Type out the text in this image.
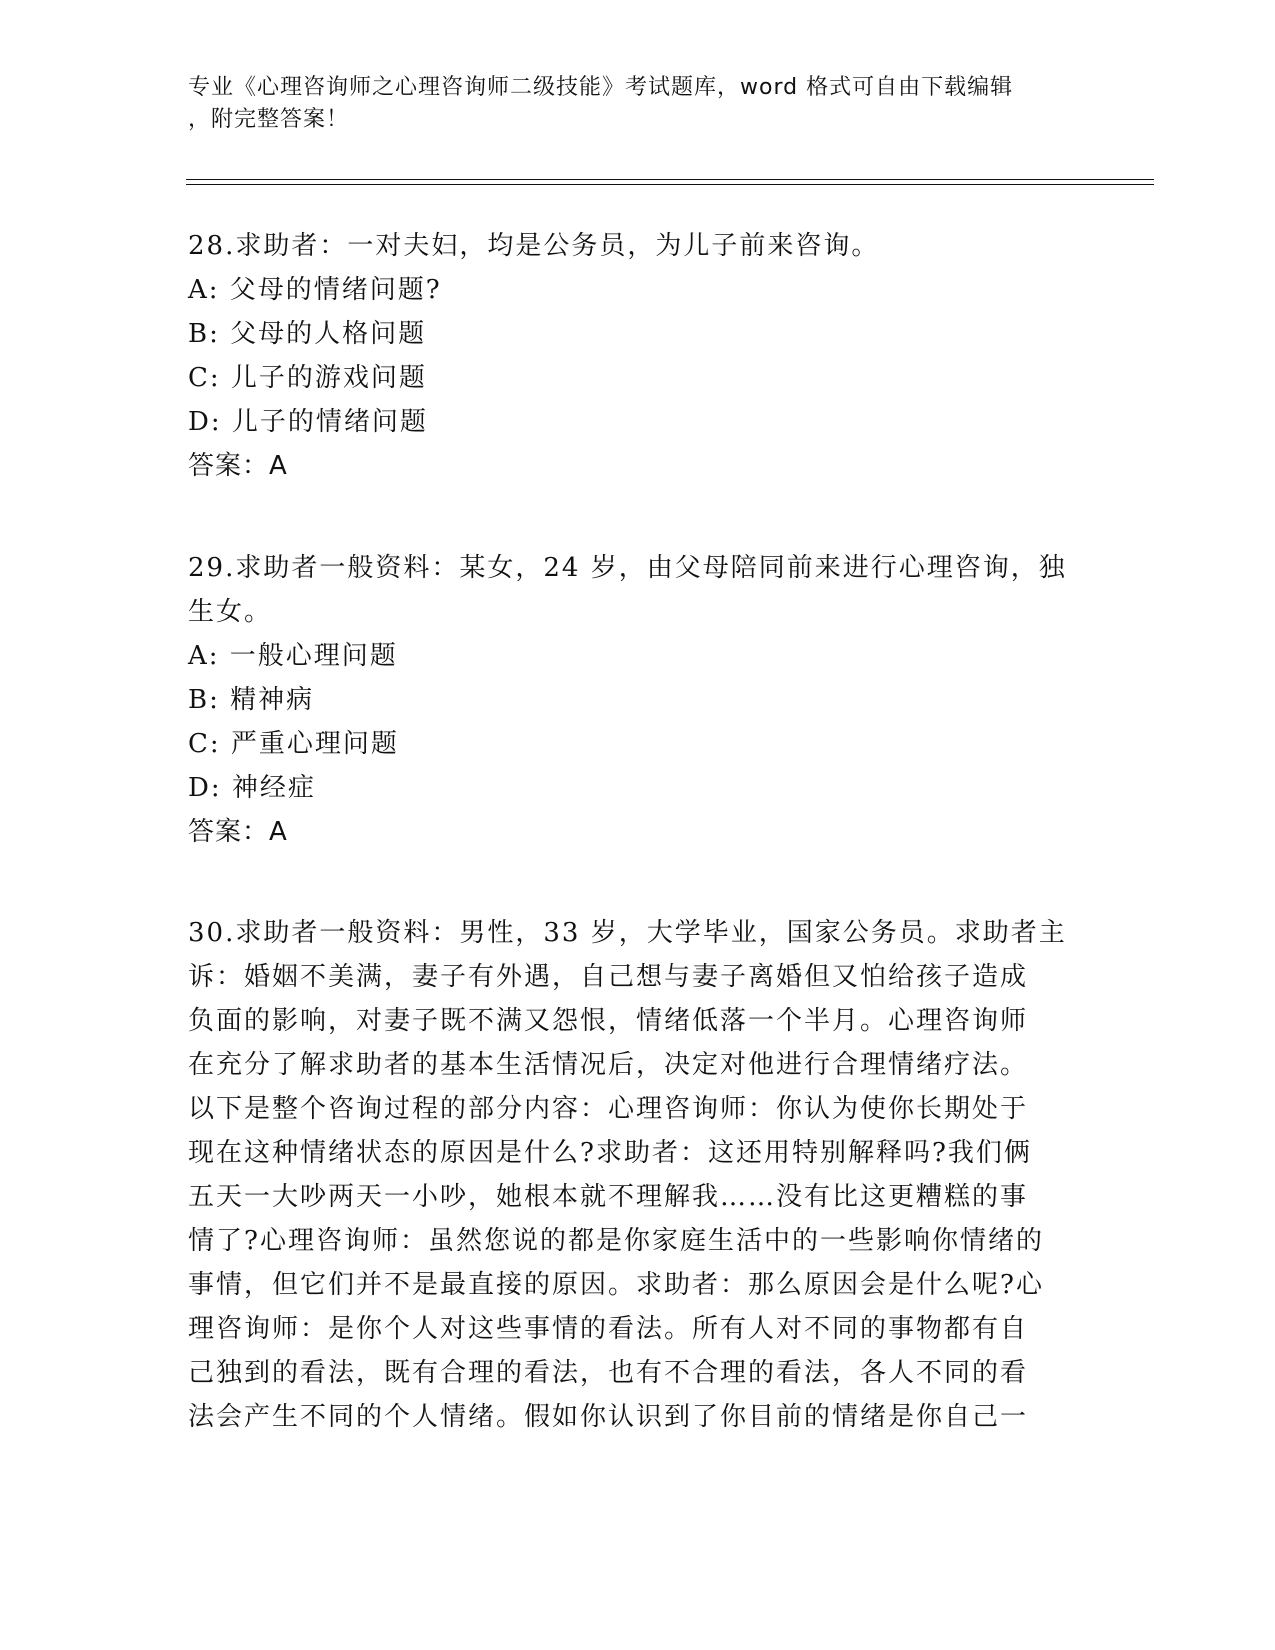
专业《心理咨询师之心理咨询师二级技能》考试题库，word 格式可自由下载编辑
，附完整答案！
28.求助者：一对夫妇，均是公务员，为儿子前来咨询。
A: 父母的情绪问题?
B: 父母的人格问题
C: 儿子的游戏问题
D: 儿子的情绪问题
答案：A
29.求助者一般资料：某女，24 岁，由父母陪同前来进行心理咨询，独
生女。
A: 一般心理问题
B: 精神病
C: 严重心理问题
D: 神经症
答案：A
30.求助者一般资料：男性，33 岁，大学毕业，国家公务员。求助者主
诉：婚姻不美满，妻子有外遇，自己想与妻子离婚但又怕给孩子造成
负面的影响，对妻子既不满又怨恨，情绪低落一个半月。心理咨询师
在充分了解求助者的基本生活情况后，决定对他进行合理情绪疗法。
以下是整个咨询过程的部分内容：心理咨询师：你认为使你长期处于
现在这种情绪状态的原因是什么?求助者：这还用特别解释吗?我们俩
五天一大吵两天一小吵，她根本就不理解我……没有比这更糟糕的事
情了?心理咨询师：虽然您说的都是你家庭生活中的一些影响你情绪的
事情，但它们并不是最直接的原因。求助者：那么原因会是什么呢?心
理咨询师：是你个人对这些事情的看法。所有人对不同的事物都有自
己独到的看法，既有合理的看法，也有不合理的看法，各人不同的看
法会产生不同的个人情绪。假如你认识到了你目前的情绪是你自己一
